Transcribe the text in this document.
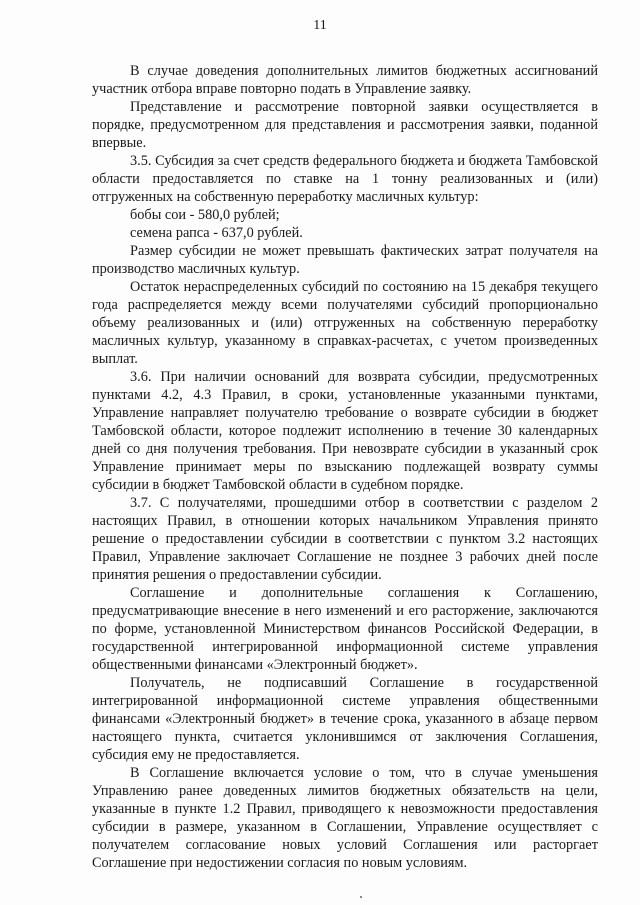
11

В случае доведения дополнительных лимитов бюджетных ассигнований участник отбора вправе повторно подать в Управление заявку.

Представление и рассмотрение повторной заявки осуществляется в порядке, предусмотренном для представления и рассмотрения заявки, поданной впервые.

3.5. Субсидия за счет средств федерального бюджета и бюджета Тамбовской области предоставляется по ставке на 1 тонну реализованных и (или) отгруженных на собственную переработку масличных культур:

бобы сои - 580,0 рублей;

семена рапса - 637,0 рублей.

Размер субсидии не может превышать фактических затрат получателя на производство масличных культур.

Остаток нераспределенных субсидий по состоянию на 15 декабря текущего года распределяется между всеми получателями субсидий пропорционально объему реализованных и (или) отгруженных на собственную переработку масличных культур, указанному в справках-расчетах, с учетом произведенных выплат.

3.6. При наличии оснований для возврата субсидии, предусмотренных пунктами 4.2, 4.3 Правил, в сроки, установленные указанными пунктами, Управление направляет получателю требование о возврате субсидии в бюджет Тамбовской области, которое подлежит исполнению в течение 30 календарных дней со дня получения требования. При невозврате субсидии в указанный срок Управление принимает меры по взысканию подлежащей возврату суммы субсидии в бюджет Тамбовской области в судебном порядке.

3.7. С получателями, прошедшими отбор в соответствии с разделом 2 настоящих Правил, в отношении которых начальником Управления принято решение о предоставлении субсидии в соответствии с пунктом 3.2 настоящих Правил, Управление заключает Соглашение не позднее 3 рабочих дней после принятия решения о предоставлении субсидии.

Соглашение и дополнительные соглашения к Соглашению, предусматривающие внесение в него изменений и его расторжение, заключаются по форме, установленной Министерством финансов Российской Федерации, в государственной интегрированной информационной системе управления общественными финансами «Электронный бюджет».

Получатель, не подписавший Соглашение в государственной интегрированной информационной системе управления общественными финансами «Электронный бюджет» в течение срока, указанного в абзаце первом настоящего пункта, считается уклонившимся от заключения Соглашения, субсидия ему не предоставляется.

В Соглашение включается условие о том, что в случае уменьшения Управлению ранее доведенных лимитов бюджетных обязательств на цели, указанные в пункте 1.2 Правил, приводящего к невозможности предоставления субсидии в размере, указанном в Соглашении, Управление осуществляет с получателем согласование новых условий Соглашения или расторгает Соглашение при недостижении согласия по новым условиям.
